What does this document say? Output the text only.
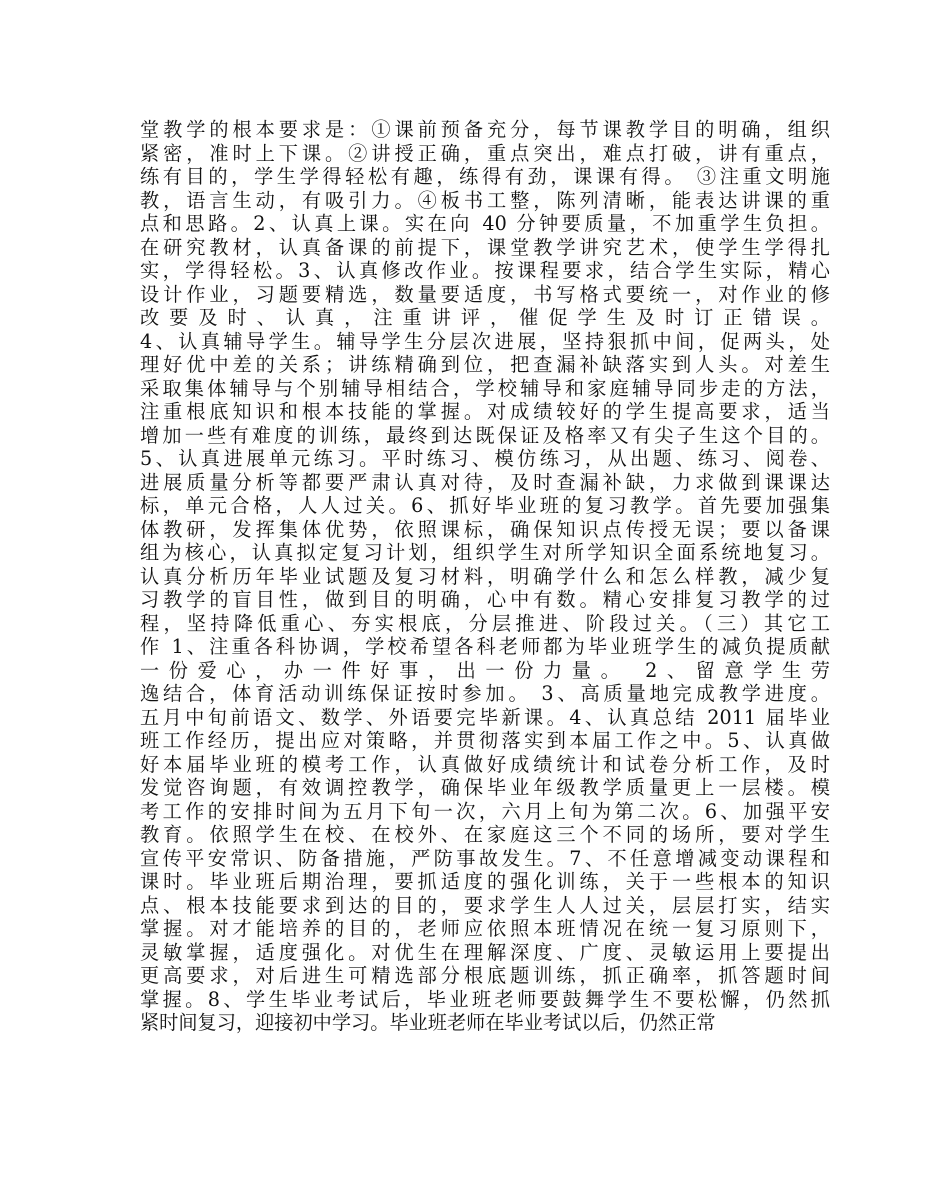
堂教学的根本要求是：①课前预备充分，每节课教学目的明确，组织
紧密，准时上下课。②讲授正确，重点突出，难点打破，讲有重点，
练有目的，学生学得轻松有趣，练得有劲，课课有得。 ③注重文明施
教，语言生动，有吸引力。④板书工整，陈列清晰，能表达讲课的重
点和思路。2、认真上课。实在向 40 分钟要质量，不加重学生负担。
在研究教材，认真备课的前提下，课堂教学讲究艺术，使学生学得扎
实，学得轻松。3、认真修改作业。按课程要求，结合学生实际，精心
设计作业，习题要精选，数量要适度，书写格式要统一，对作业的修
改要及时、认真，注重讲评，催促学生及时订正错误。
4、认真辅导学生。辅导学生分层次进展，坚持狠抓中间，促两头，处
理好优中差的关系；讲练精确到位，把查漏补缺落实到人头。对差生
采取集体辅导与个别辅导相结合，学校辅导和家庭辅导同步走的方法，
注重根底知识和根本技能的掌握。对成绩较好的学生提高要求，适当
增加一些有难度的训练，最终到达既保证及格率又有尖子生这个目的。
5、认真进展单元练习。平时练习、模仿练习，从出题、练习、阅卷、
进展质量分析等都要严肃认真对待，及时查漏补缺，力求做到课课达
标，单元合格，人人过关。6、抓好毕业班的复习教学。首先要加强集
体教研，发挥集体优势，依照课标，确保知识点传授无误；要以备课
组为核心，认真拟定复习计划，组织学生对所学知识全面系统地复习。
认真分析历年毕业试题及复习材料，明确学什么和怎么样教，减少复
习教学的盲目性，做到目的明确，心中有数。精心安排复习教学的过
程，坚持降低重心、夯实根底，分层推进、阶段过关。（三）其它工
作 1、注重各科协调，学校希望各科老师都为毕业班学生的减负提质献
一份爱心，办一件好事，出一份力量。 2、留意学生劳
逸结合，体育活动训练保证按时参加。 3、高质量地完成教学进度。
五月中旬前语文、数学、外语要完毕新课。4、认真总结 2011 届毕业
班工作经历，提出应对策略，并贯彻落实到本届工作之中。5、认真做
好本届毕业班的模考工作，认真做好成绩统计和试卷分析工作，及时
发觉咨询题，有效调控教学，确保毕业年级教学质量更上一层楼。模
考工作的安排时间为五月下旬一次，六月上旬为第二次。6、加强平安
教育。依照学生在校、在校外、在家庭这三个不同的场所，要对学生
宣传平安常识、防备措施，严防事故发生。7、不任意增减变动课程和
课时。毕业班后期治理，要抓适度的强化训练，关于一些根本的知识
点、根本技能要求到达的目的，要求学生人人过关，层层打实，结实
掌握。对才能培养的目的，老师应依照本班情况在统一复习原则下，
灵敏掌握，适度强化。对优生在理解深度、广度、灵敏运用上要提出
更高要求，对后进生可精选部分根底题训练，抓正确率，抓答题时间
掌握。8、学生毕业考试后，毕业班老师要鼓舞学生不要松懈，仍然抓
紧时间复习，迎接初中学习。毕业班老师在毕业考试以后，仍然正常
